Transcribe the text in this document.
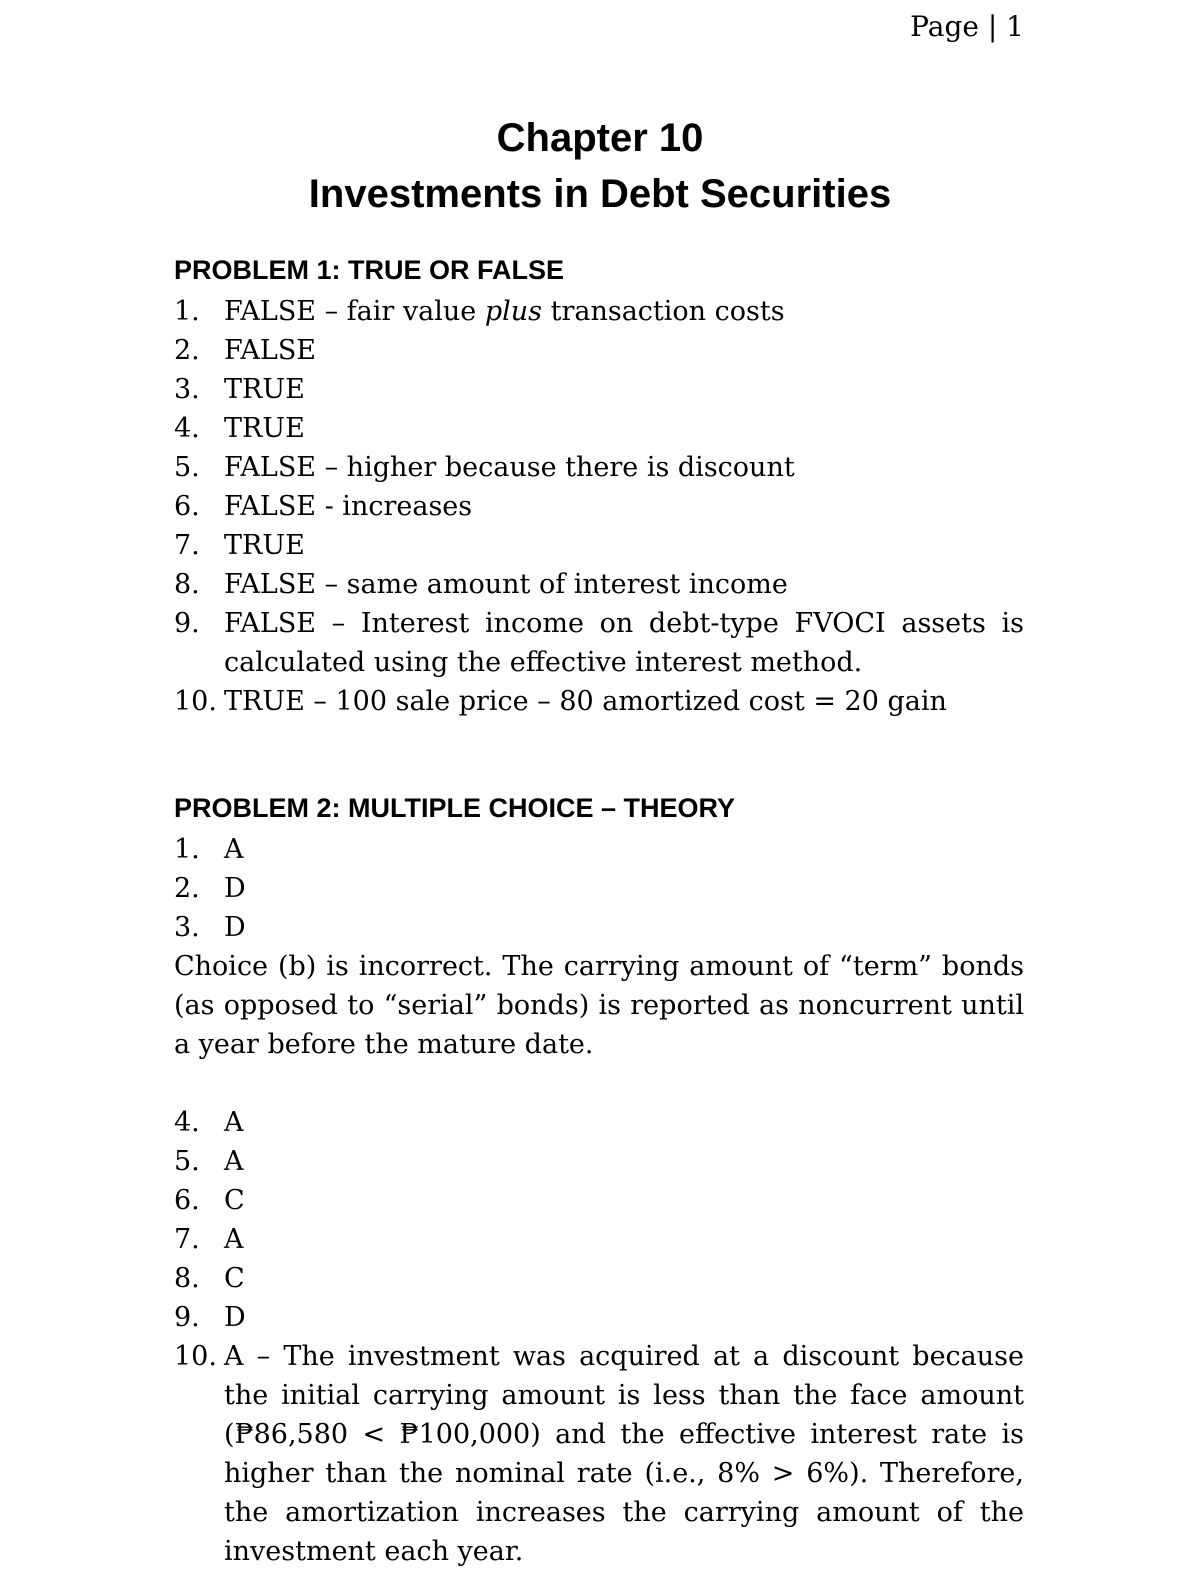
Page | 1
Chapter 10
Investments in Debt Securities
PROBLEM 1: TRUE OR FALSE
1. FALSE – fair value plus transaction costs
2. FALSE
3. TRUE
4. TRUE
5. FALSE – higher because there is discount
6. FALSE - increases
7. TRUE
8. FALSE – same amount of interest income
9. FALSE – Interest income on debt-type FVOCI assets is calculated using the effective interest method.
10. TRUE – 100 sale price – 80 amortized cost = 20 gain
PROBLEM 2: MULTIPLE CHOICE – THEORY
1. A
2. D
3. D

Choice (b) is incorrect. The carrying amount of “term” bonds (as opposed to “serial” bonds) is reported as noncurrent until a year before the mature date.

4. A
5. A
6. C
7. A
8. C
9. D
10. A – The investment was acquired at a discount because the initial carrying amount is less than the face amount (₱86,580 < ₱100,000) and the effective interest rate is higher than the nominal rate (i.e., 8% > 6%). Therefore, the amortization increases the carrying amount of the investment each year.
